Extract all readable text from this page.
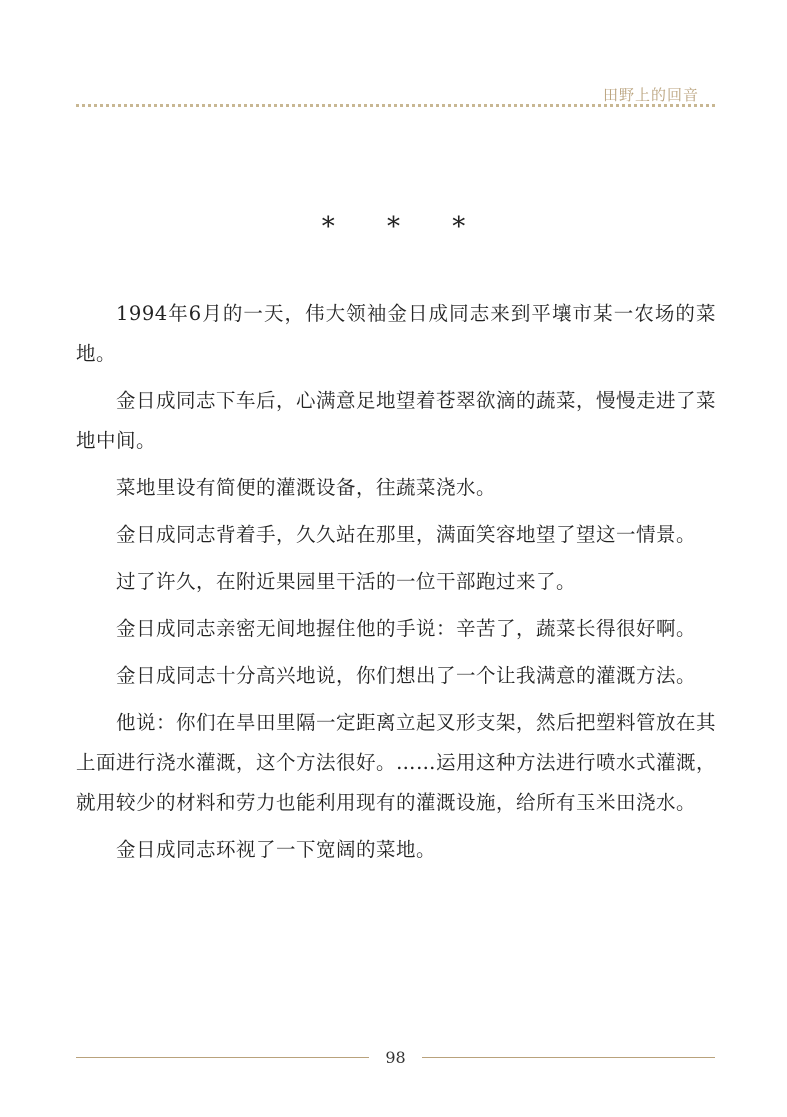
田野上的回音
* * *

1994年6月的一天，伟大领袖金日成同志来到平壤市某一农场的菜地。

金日成同志下车后，心满意足地望着苍翠欲滴的蔬菜，慢慢走进了菜地中间。

菜地里设有简便的灌溉设备，往蔬菜浇水。

金日成同志背着手，久久站在那里，满面笑容地望了望这一情景。

过了许久，在附近果园里干活的一位干部跑过来了。

金日成同志亲密无间地握住他的手说：辛苦了，蔬菜长得很好啊。

金日成同志十分高兴地说，你们想出了一个让我满意的灌溉方法。

他说：你们在旱田里隔一定距离立起叉形支架，然后把塑料管放在其上面进行浇水灌溉，这个方法很好。……运用这种方法进行喷水式灌溉，就用较少的材料和劳力也能利用现有的灌溉设施，给所有玉米田浇水。

金日成同志环视了一下宽阔的菜地。

98
